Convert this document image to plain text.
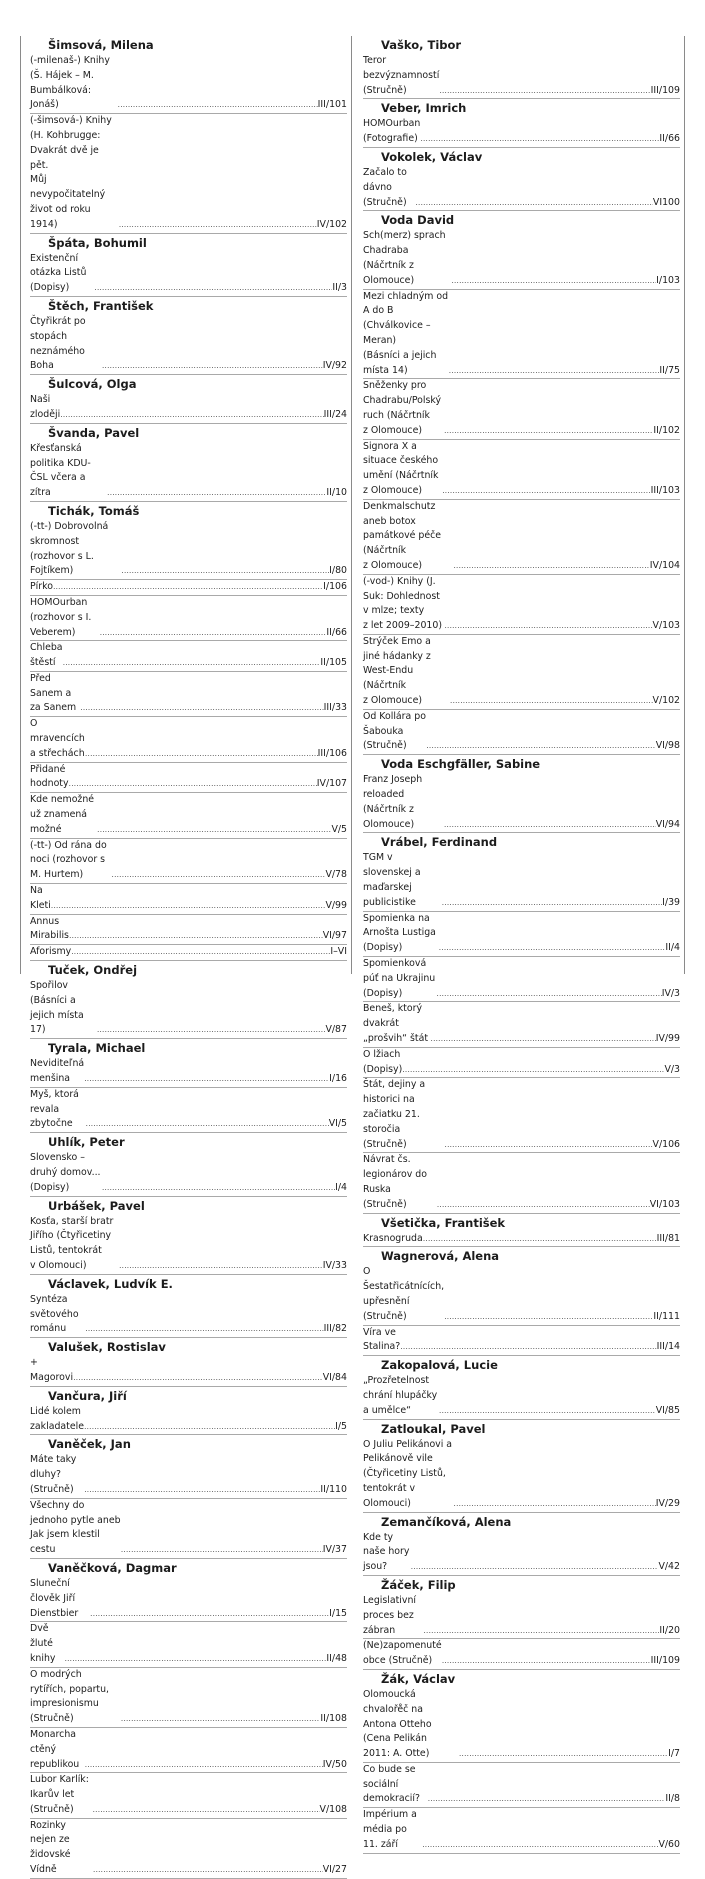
Šimsová, Milena
(-milenaš-) Knihy (Š. Hájek – M. Bumbálková: Jonáš) .....	III/101
(-šimsová-) Knihy (H. Kohbrugge: Dvakrát dvě je pět.
Můj nevypočitatelný život od roku 1914) .....	IV/102
Špáta, Bohumil
Existenční otázka Listů (Dopisy) .....	II/3
Štěch, František
Čtyřikrát po stopách neznámého Boha .....	IV/92
Šulcová, Olga
Naši zloději .....	III/24
Švanda, Pavel
Křesťanská politika KDU-ČSL včera a zítra .....	II/10
Tichák, Tomáš
(-tt-) Dobrovolná skromnost (rozhovor s L. Fojtíkem) .....	I/80
Pírko .....	I/106
HOMOurban (rozhovor s I. Veberem) .....	II/66
Chleba štěstí .....	II/105
Před Sanem a za Sanem .....	III/33
O mravencích a střechách .....	III/106
Přidané hodnoty .....	IV/107
Kde nemožné už znamená možné .....	V/5
(-tt-) Od rána do noci (rozhovor s M. Hurtem) .....	V/78
Na Kleti .....	V/99
Annus Mirabilis .....	VI/97
Aforismy .....	I–VI
Tuček, Ondřej
Spořilov (Básníci a jejich místa 17) .....	V/87
Tyrala, Michael
Neviditeľná menšina .....	I/16
Myš, ktorá revala zbytočne .....	VI/5
Uhlík, Peter
Slovensko – druhý domov... (Dopisy) .....	I/4
Urbášek, Pavel
Kosťa, starší bratr Jiřího (Čtyřicetiny Listů, tentokrát
v Olomouci) .....	IV/33
Václavek, Ludvík E.
Syntéza světového románu .....	III/82
Valušek, Rostislav
+ Magorovi .....	VI/84
Vančura, Jiří
Lidé kolem zakladatele .....	I/5
Vaněček, Jan
Máte taky dluhy? (Stručně) .....	II/110
Všechny do jednoho pytle aneb Jak jsem klestil cestu .....	IV/37
Vaněčková, Dagmar
Sluneční člověk Jiří Dienstbier .....	I/15
Dvě žluté knihy .....	II/48
O modrých rytířích, popartu, impresionismu (Stručně) .....	II/108
Monarcha ctěný republikou .....	IV/50
Lubor Karlík: Ikarův let (Stručně) .....	V/108
Rozinky nejen ze židovské Vídně .....	VI/27
Vaško, Tibor
Teror bezvýznamností (Stručně) .....	III/109
Veber, Imrich
HOMOurban (Fotografie) .....	II/66
Vokolek, Václav
Začalo to dávno (Stručně) .....	VI100
Voda David
Sch(merz) sprach Chadraba (Náčrtník z Olomouce) .....	I/103
Mezi chladným od A do B (Chválkovice – Meran)
(Básníci a jejich místa 14) .....	II/75
Sněženky pro Chadrabu/Polský ruch (Náčrtník
z Olomouce) .....	II/102
Signora X a situace českého umění (Náčrtník
z Olomouce) .....	III/103
Denkmalschutz aneb botox památkové péče (Náčrtník
z Olomouce) .....	IV/104
(-vod-) Knihy (J. Suk: Dohlednost v mlze; texty
z let 2009–2010) .....	V/103
Strýček Emo a jiné hádanky z West-Endu (Náčrtník
z Olomouce) .....	V/102
Od Kollára po Šabouka (Stručně) .....	VI/98
Voda Eschgfäller, Sabine
Franz Joseph reloaded (Náčrtník z Olomouce) .....	VI/94
Vrábel, Ferdinand
TGM v slovenskej a maďarskej publicistike .....	I/39
Spomienka na Arnošta Lustiga (Dopisy) .....	II/4
Spomienková púť na Ukrajinu (Dopisy) .....	IV/3
Beneš, ktorý dvakrát „prošvih“ štát .....	IV/99
O lžiach (Dopisy) .....	V/3
Štát, dejiny a historici na začiatku 21. storočia
(Stručně) .....	V/106
Návrat čs. legionárov do Ruska (Stručně) .....	VI/103
Všetička, František
Krasnogruda .....	III/81
Wagnerová, Alena
O Šestatřicátnících, upřesnění (Stručně) .....	II/111
Víra ve Stalina? .....	III/14
Zakopalová, Lucie
„Prozřetelnost chrání hlupáčky a umělce“ .....	VI/85
Zatloukal, Pavel
O Juliu Pelikánovi a Pelikánově vile (Čtyřicetiny Listů,
tentokrát v Olomouci) .....	IV/29
Zemančíková, Alena
Kde ty naše hory jsou? .....	V/42
Žáček, Filip
Legislativní proces bez zábran .....	II/20
(Ne)zapomenuté obce (Stručně) .....	III/109
Žák, Václav
Olomoucká chvaloře̊č na Antona Otteho (Cena Pelikán
2011: A. Otte) .....	I/7
Co bude se sociální demokracií? .....	II/8
Impérium a média po 11. září .....	V/60
